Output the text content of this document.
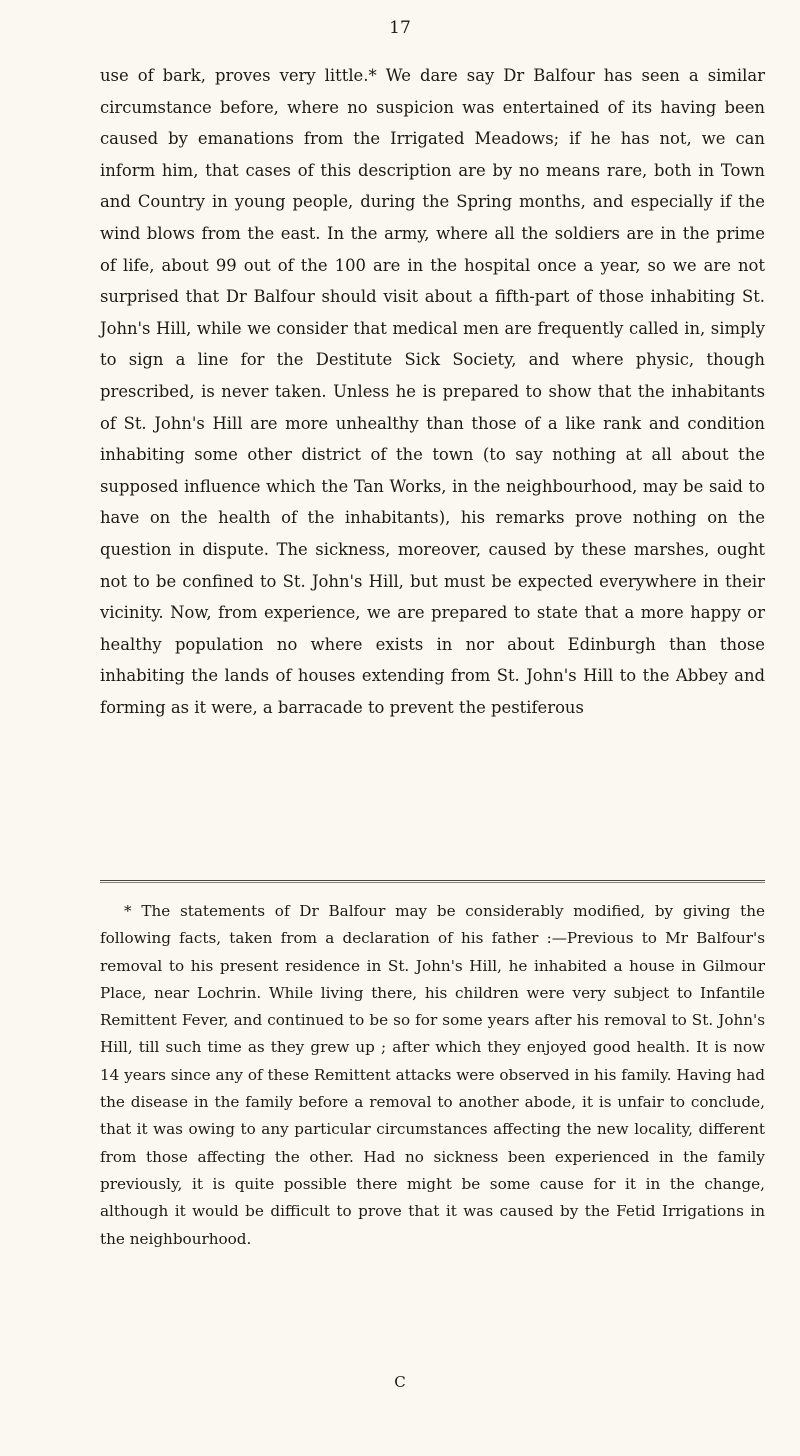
17

use of bark, proves very little.* We dare say Dr Balfour has seen a similar circumstance before, where no suspicion was entertained of its having been caused by emanations from the Irrigated Meadows; if he has not, we can inform him, that cases of this description are by no means rare, both in Town and Country in young people, during the Spring months, and especially if the wind blows from the east. In the army, where all the soldiers are in the prime of life, about 99 out of the 100 are in the hospital once a year, so we are not surprised that Dr Balfour should visit about a fifth-part of those inhabiting St. John's Hill, while we consider that medical men are frequently called in, simply to sign a line for the Destitute Sick Society, and where physic, though prescribed, is never taken. Unless he is prepared to show that the inhabitants of St. John's Hill are more unhealthy than those of a like rank and condition inhabiting some other district of the town (to say nothing at all about the supposed influence which the Tan Works, in the neighbourhood, may be said to have on the health of the inhabitants), his remarks prove nothing on the question in dispute. The sickness, moreover, caused by these marshes, ought not to be confined to St. John's Hill, but must be expected everywhere in their vicinity. Now, from experience, we are prepared to state that a more happy or healthy population no where exists in nor about Edinburgh than those inhabiting the lands of houses extending from St. John's Hill to the Abbey and forming as it were, a barracade to prevent the pestiferous

* The statements of Dr Balfour may be considerably modified, by giving the following facts, taken from a declaration of his father :—Previous to Mr Balfour's removal to his present residence in St. John's Hill, he inhabited a house in Gilmour Place, near Lochrin. While living there, his children were very subject to Infantile Remittent Fever, and continued to be so for some years after his removal to St. John's Hill, till such time as they grew up ; after which they enjoyed good health. It is now 14 years since any of these Remittent attacks were observed in his family. Having had the disease in the family before a removal to another abode, it is unfair to conclude, that it was owing to any particular circumstances affecting the new locality, different from those affecting the other. Had no sickness been experienced in the family previously, it is quite possible there might be some cause for it in the change, although it would be difficult to prove that it was caused by the Fetid Irrigations in the neighbourhood.

C
